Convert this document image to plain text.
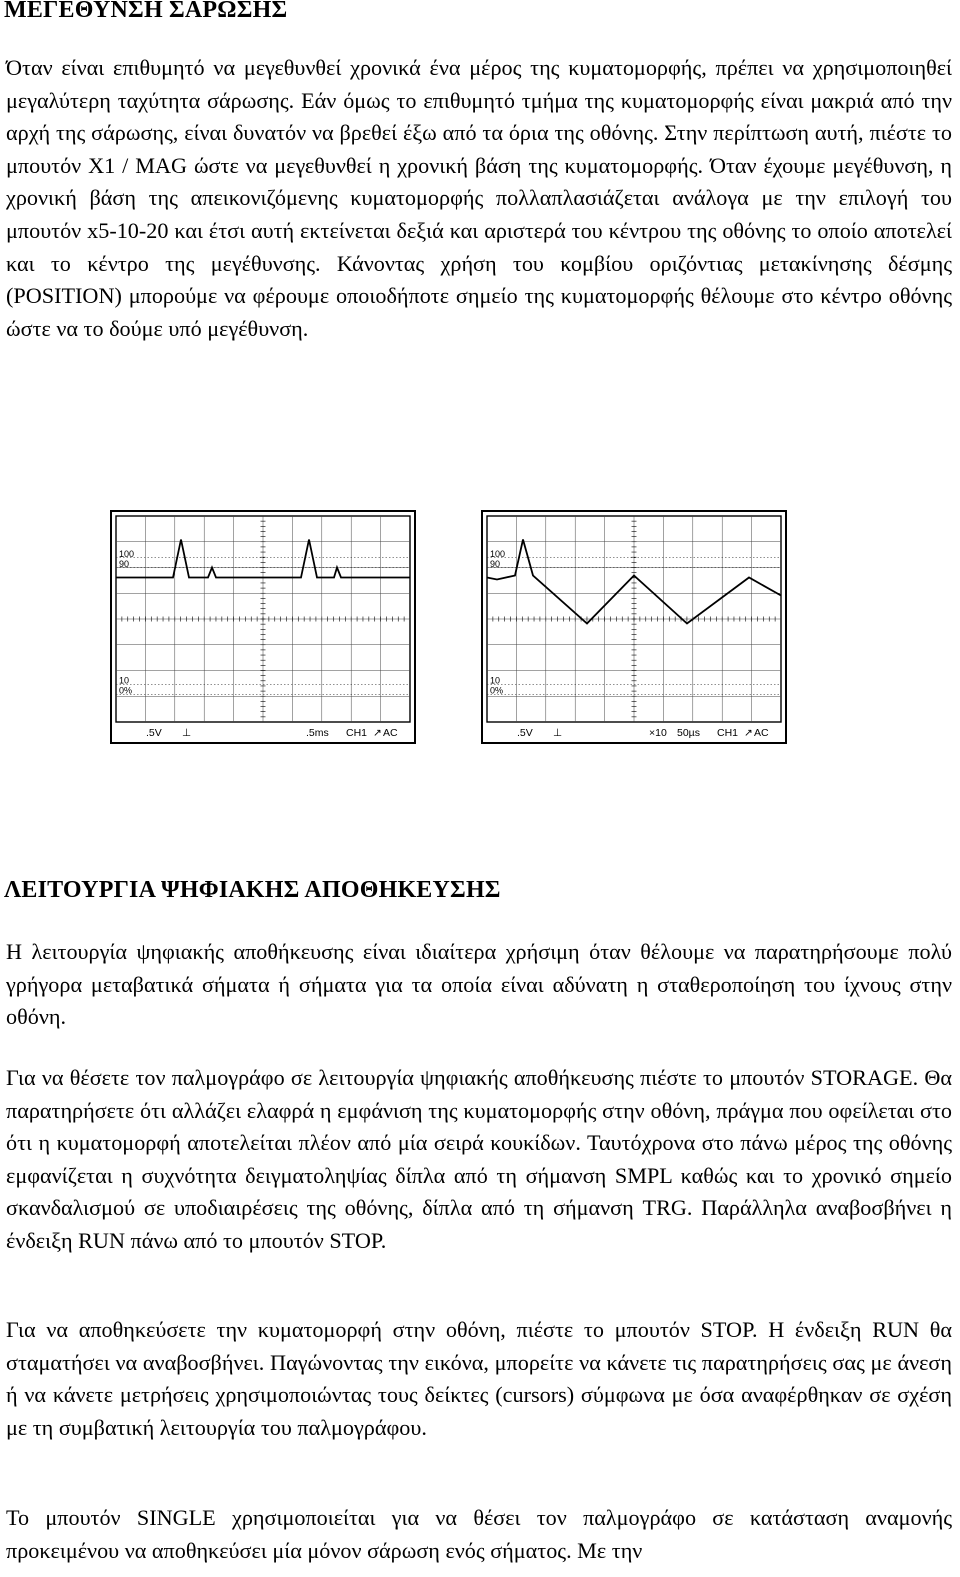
ΜΕΓΕΘΥΝΣΗ ΣΑΡΩΣΗΣ

Όταν είναι επιθυμητό να μεγεθυνθεί χρονικά ένα μέρος της κυματομορφής, πρέπει να χρησιμοποιηθεί μεγαλύτερη ταχύτητα σάρωσης. Εάν όμως το επιθυμητό τμήμα της κυματομορφής είναι μακριά από την αρχή της σάρωσης, είναι δυνατόν να βρεθεί έξω από τα όρια της οθόνης. Στην περίπτωση αυτή, πιέστε το μπουτόν Χ1 / MAG ώστε να μεγεθυνθεί η χρονική βάση της κυματομορφής. Όταν έχουμε μεγέθυνση, η χρονική βάση της απεικονιζόμενης κυματομορφής πολλαπλασιάζεται ανάλογα με την επιλογή του μπουτόν x5-10-20 και έτσι αυτή εκτείνεται δεξιά και αριστερά του κέντρου της οθόνης το οποίο αποτελεί και το κέντρο της μεγέθυνσης. Κάνοντας χρήση του κομβίου οριζόντιας μετακίνησης δέσμης (POSITION) μπορούμε να φέρουμε οποιοδήποτε σημείο της κυματομορφής θέλουμε στο κέντρο οθόνης ώστε να το δούμε υπό μεγέθυνση.

100
90
10
0%
.5V ⊥	.5ms CH1 ↗ AC
100
90
10
0%
.5V ⊥	×10 50µs CH1 ↗ AC
ΛΕΙΤΟΥΡΓΙΑ ΨΗΦΙΑΚΗΣ ΑΠΟΘΗΚΕΥΣΗΣ

Η λειτουργία ψηφιακής αποθήκευσης είναι ιδιαίτερα χρήσιμη όταν θέλουμε να παρατηρήσουμε πολύ γρήγορα μεταβατικά σήματα ή σήματα για τα οποία είναι αδύνατη η σταθεροποίηση του ίχνους στην οθόνη.

Για να θέσετε τον παλμογράφο σε λειτουργία ψηφιακής αποθήκευσης πιέστε το μπουτόν STORAGE. Θα παρατηρήσετε ότι αλλάζει ελαφρά η εμφάνιση της κυματομορφής στην οθόνη, πράγμα που οφείλεται στο ότι η κυματομορφή αποτελείται πλέον από μία σειρά κουκίδων. Ταυτόχρονα στο πάνω μέρος της οθόνης εμφανίζεται η συχνότητα δειγματοληψίας δίπλα από τη σήμανση SMPL καθώς και το χρονικό σημείο σκανδαλισμού σε υποδιαιρέσεις της οθόνης, δίπλα από τη σήμανση TRG. Παράλληλα αναβοσβήνει η ένδειξη RUN πάνω από το μπουτόν STOP.

Για να αποθηκεύσετε την κυματομορφή στην οθόνη, πιέστε το μπουτόν STOP. Η ένδειξη RUN θα σταματήσει να αναβοσβήνει. Παγώνοντας την εικόνα, μπορείτε να κάνετε τις παρατηρήσεις σας με άνεση ή να κάνετε μετρήσεις χρησιμοποιώντας τους δείκτες (cursors) σύμφωνα με όσα αναφέρθηκαν σε σχέση με τη συμβατική λειτουργία του παλμογράφου.

Το μπουτόν SINGLE χρησιμοποιείται για να θέσει τον παλμογράφο σε κατάσταση αναμονής προκειμένου να αποθηκεύσει μία μόνον σάρωση ενός σήματος. Με την
